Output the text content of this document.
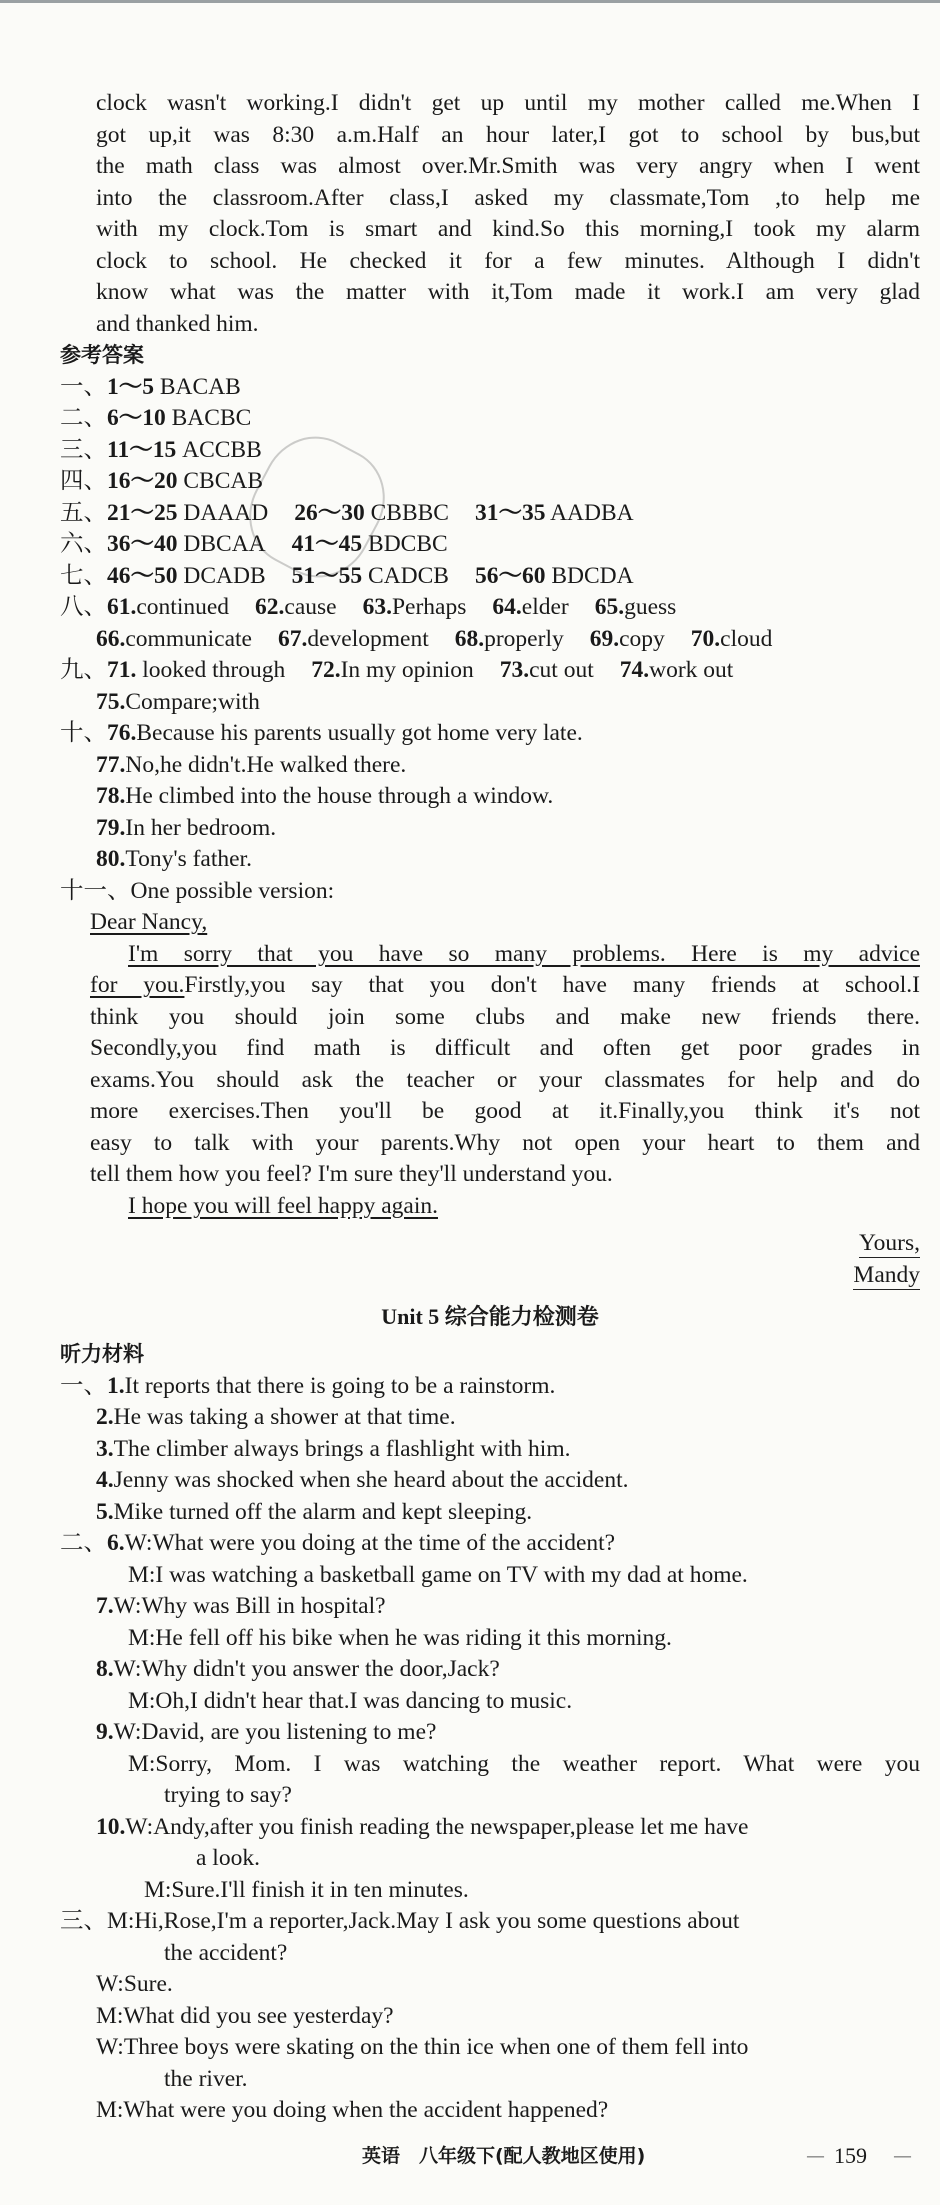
clock wasn't working.I didn't get up until my mother called me.When I
got up,it was 8:30 a.m.Half an hour later,I got to school by bus,but
the math class was almost over.Mr.Smith was very angry when I went
into the classroom.After class,I asked my classmate,Tom ,to help me
with my clock.Tom is smart and kind.So this morning,I took my alarm
clock to school. He checked it for a few minutes. Although I didn't
know what was the matter with it,Tom made it work.I am very glad
and thanked him.
参考答案
一、1～5 BACAB
二、6～10 BACBC
三、11～15 ACCBB
四、16～20 CBCAB
五、21～25 DAAAD 26～30 CBBBC 31～35 AADBA
六、36～40 DBCAA 41～45 BDCBC
七、46～50 DCADB 51～55 CADCB 56～60 BDCDA
八、61.continued 62.cause 63.Perhaps 64.elder 65.guess
66.communicate 67.development 68.properly 69.copy 70.cloud
九、71. looked through 72.In my opinion 73.cut out 74.work out
75.Compare;with
十、76.Because his parents usually got home very late.
77.No,he didn't.He walked there.
78.He climbed into the house through a window.
79.In her bedroom.
80.Tony's father.
十一、One possible version:
Dear Nancy,
I'm sorry that you have so many problems. Here is my advice
for you.Firstly,you say that you don't have many friends at school.I
think you should join some clubs and make new friends there.
Secondly,you find math is difficult and often get poor grades in
exams.You should ask the teacher or your classmates for help and do
more exercises.Then you'll be good at it.Finally,you think it's not
easy to talk with your parents.Why not open your heart to them and
tell them how you feel? I'm sure they'll understand you.
I hope you will feel happy again.
Yours,
Mandy
Unit 5 综合能力检测卷
听力材料
一、1.It reports that there is going to be a rainstorm.
2.He was taking a shower at that time.
3.The climber always brings a flashlight with him.
4.Jenny was shocked when she heard about the accident.
5.Mike turned off the alarm and kept sleeping.
二、6.W:What were you doing at the time of the accident?
M:I was watching a basketball game on TV with my dad at home.
7.W:Why was Bill in hospital?
M:He fell off his bike when he was riding it this morning.
8.W:Why didn't you answer the door,Jack?
M:Oh,I didn't hear that.I was dancing to music.
9.W:David, are you listening to me?
M:Sorry, Mom. I was watching the weather report. What were you
trying to say?
10.W:Andy,after you finish reading the newspaper,please let me have
a look.
M:Sure.I'll finish it in ten minutes.
三、M:Hi,Rose,I'm a reporter,Jack.May I ask you some questions about
the accident?
W:Sure.
M:What did you see yesterday?
W:Three boys were skating on the thin ice when one of them fell into
the river.
M:What were you doing when the accident happened?
英语　八年级下(配人教地区使用)	— 159 —
